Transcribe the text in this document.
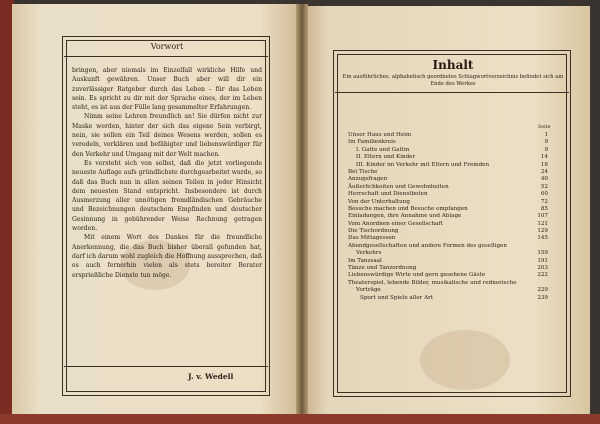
Vorwort

bringen, aber niemals im Einzelfall wirkliche Hilfe und Auskunft gewähren. Unser Buch aber will dir ein zuverlässiger Ratgeber durch das Leben – für das Leben sein. Es spricht zu dir mit der Sprache eines, der im Leben steht, es ist aus der Fülle lang gesammelter Erfahrungen.

Nimm seine Lehren freundlich an! Sie dürfen nicht zur Maske werden, hinter der sich das eigene Sein verbirgt, nein, sie sollen ein Teil deines Wesens werden, sollen es veredeln, verklären und befähigter und liebenswürdiger für den Verkehr und Umgang mit der Welt machen.

Es versteht sich von selbst, daß die jetzt vorliegende neueste Auflage aufs gründlichste durchgearbeitet wurde, so daß das Buch nun in allen seinen Teilen in jeder Hinsicht dem neuesten Stand entspricht. Insbesondere ist durch Ausmerzung aller unnötigen fremdländischen Gebräuche und Bezeichnungen deutschem Empfinden und deutscher Gesinnung in gebührender Weise Rechnung getragen worden.

Mit einem Wort des Dankes für die freundliche Anerkennung, die das Buch bisher überall gefunden hat, darf ich darum wohl zugleich die Hoffnung aussprechen, daß es auch fernerhin vielen als stets bereiter Berater ersprießliche Dienste tun möge.

J. v. Wedell
Inhalt
Ein ausführliches, alphabetisch geordnetes Schlagwortverzeichnis befindet sich am Ende des Werkes
Seite
Unser Haus und Heim	1
Im Familienkreis	9
I. Gatte und Gattin	9
II. Eltern und Kinder	14
III. Kinder im Verkehr mit Eltern und Fremden	18
Bei Tische	24
Anzugsfragen	40
Äußerlichkeiten und Gewohnheiten	52
Herrschaft und Dienstboten	60
Von der Unterhaltung	72
Besuche machen und Besuche empfangen	85
Einladungen, ihre Annahme und Ablage	107
Vom Anordnen einer Gesellschaft	121
Die Tischordnung	129
Das Mittagessen	145
Abendgesellschaften und andere Formen des geselligen
Verkehrs	159
Im Tanzsaal	191
Tänze und Tanzordnung	203
Liebenswürdige Wirte und gern gesehene Gäste	222
Theaterspiel, lebende Bilder, musikalische und rednerische
Vorträge	229
Sport und Spiele aller Art	239
